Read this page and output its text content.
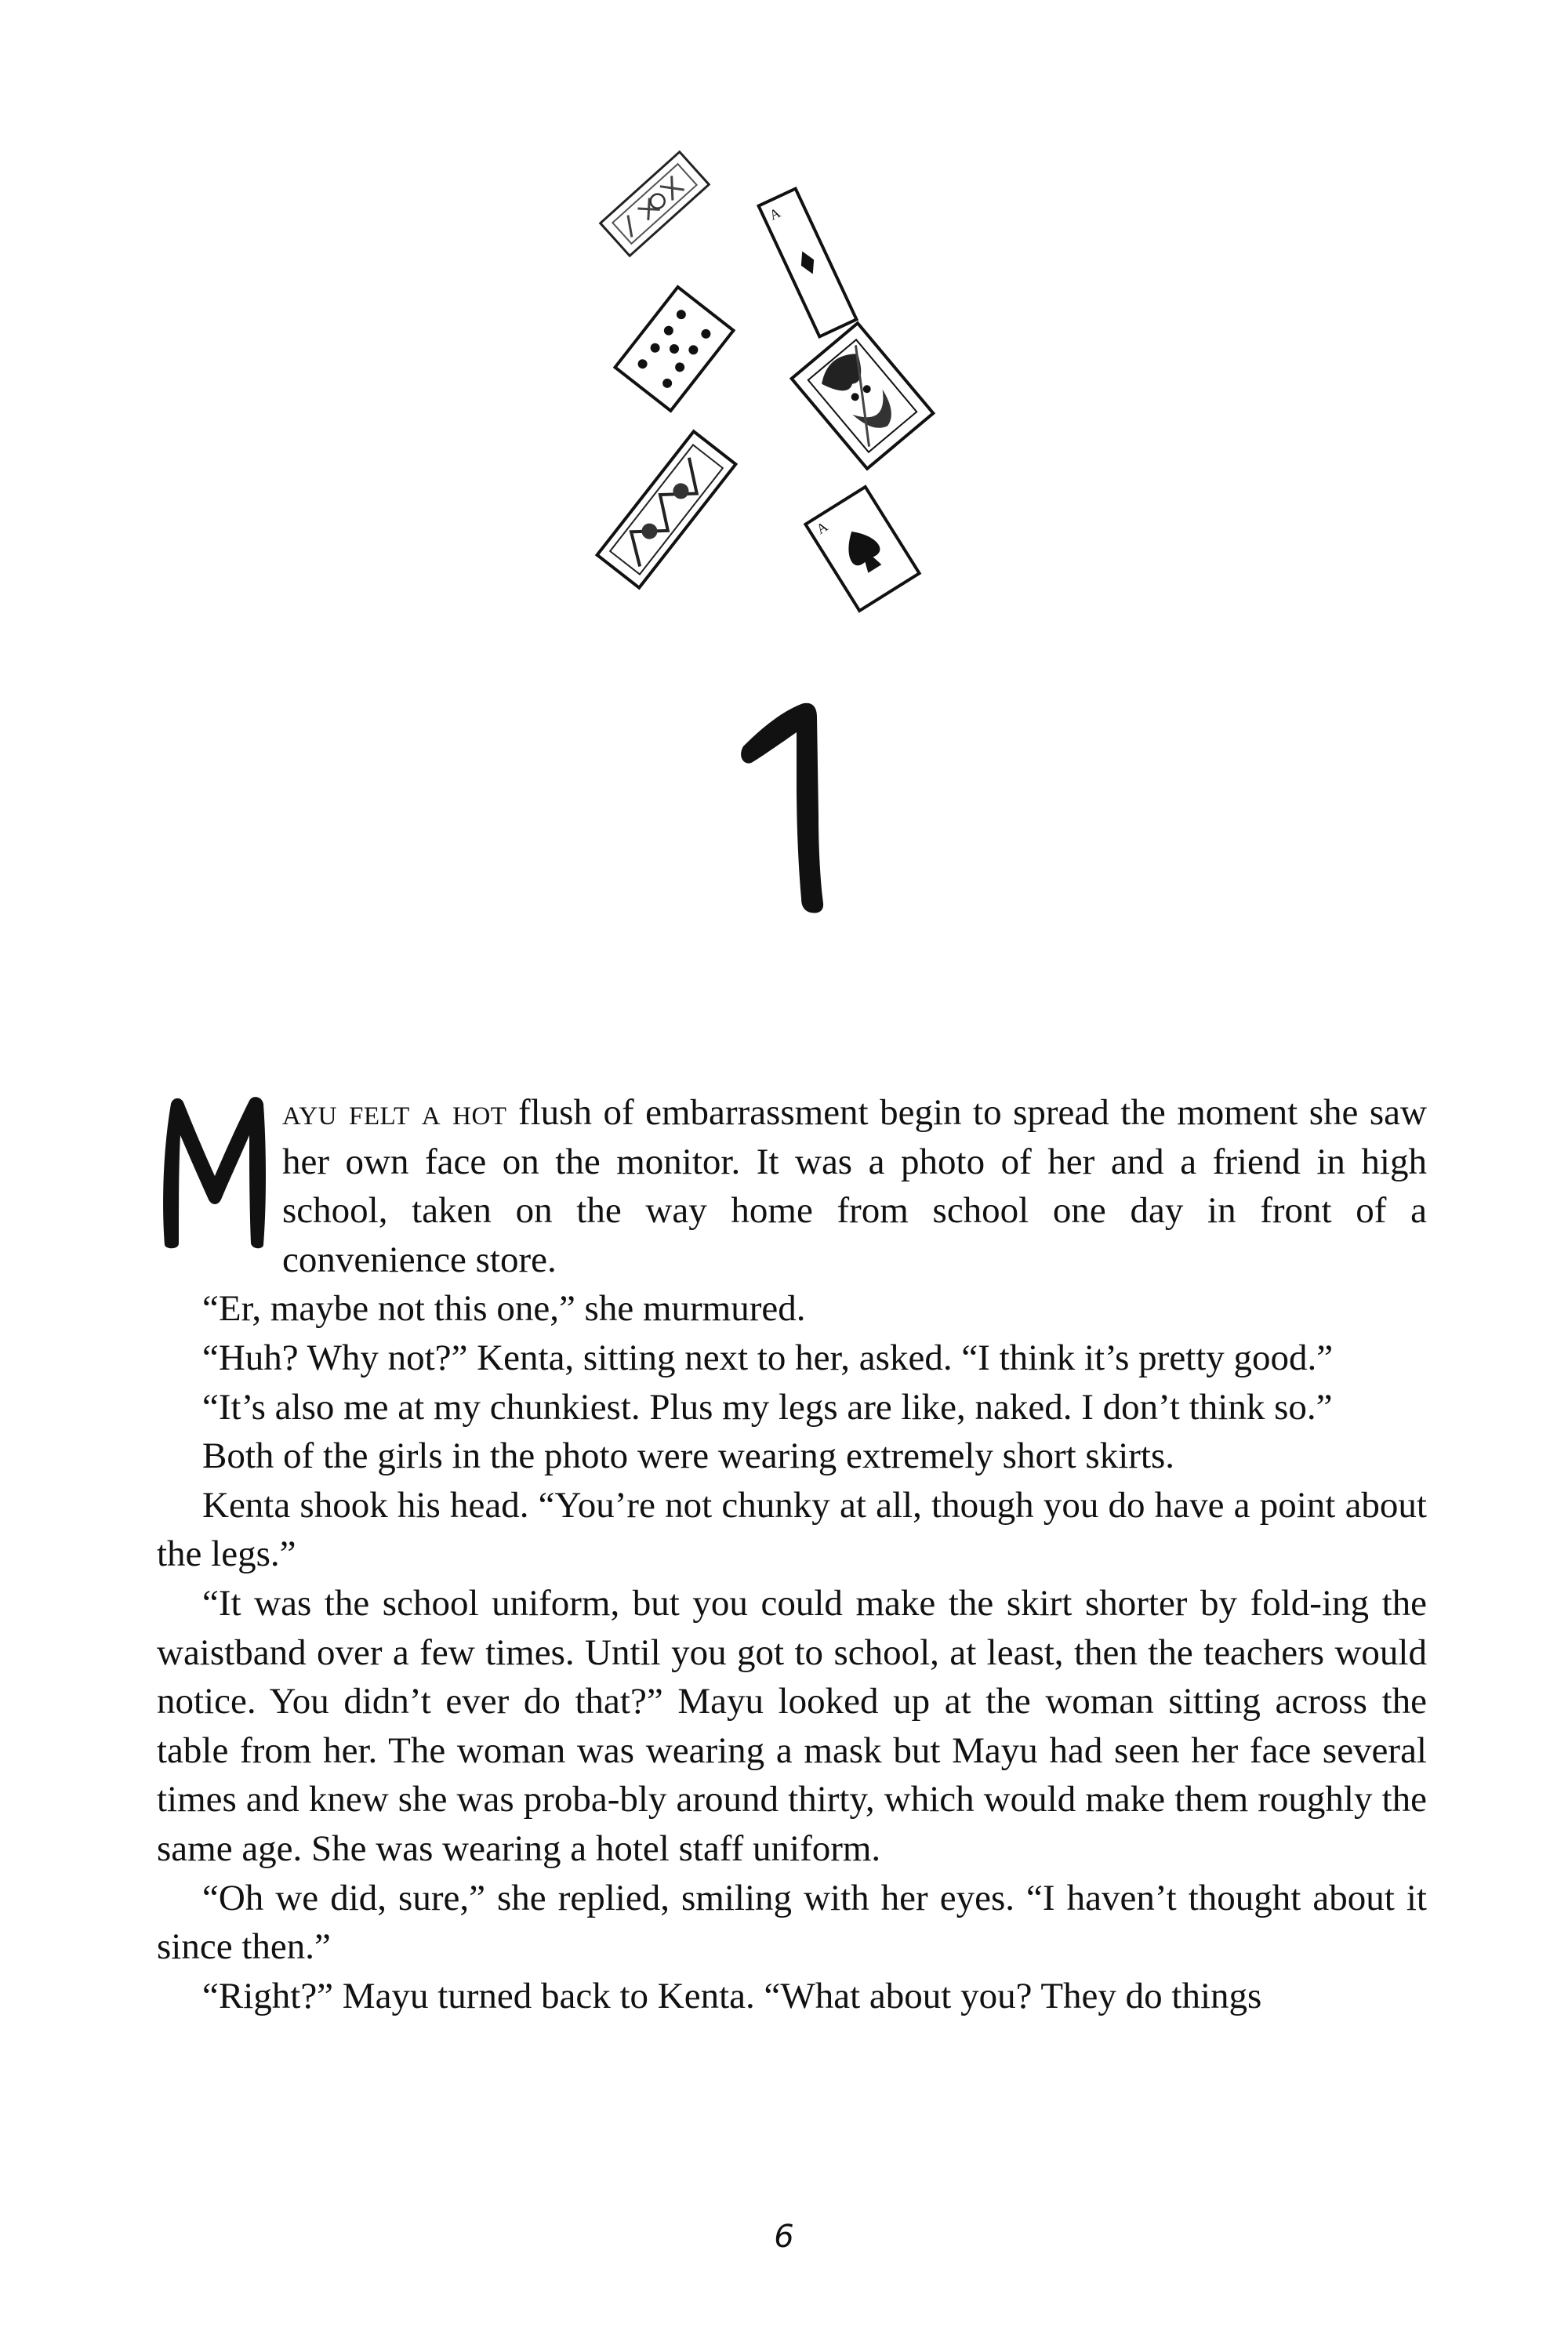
A
A
1

M
ayu felt a hot flush of embarrassment begin to spread the moment she saw her own face on the monitor. It was a photo of her and a friend in high school, taken on the way home from school one day in front of a convenience store.

“Er, maybe not this one,” she murmured.

“Huh? Why not?” Kenta, sitting next to her, asked. “I think it’s pretty good.”

“It’s also me at my chunkiest. Plus my legs are like, naked. I don’t think so.”

Both of the girls in the photo were wearing extremely short skirts.

Kenta shook his head. “You’re not chunky at all, though you do have a point about the legs.”

“It was the school uniform, but you could make the skirt shorter by fold-ing the waistband over a few times. Until you got to school, at least, then the teachers would notice. You didn’t ever do that?” Mayu looked up at the woman sitting across the table from her. The woman was wearing a mask but Mayu had seen her face several times and knew she was proba-bly around thirty, which would make them roughly the same age. She was wearing a hotel staff uniform.

“Oh we did, sure,” she replied, smiling with her eyes. “I haven’t thought about it since then.”

“Right?” Mayu turned back to Kenta. “What about you? They do things

6
